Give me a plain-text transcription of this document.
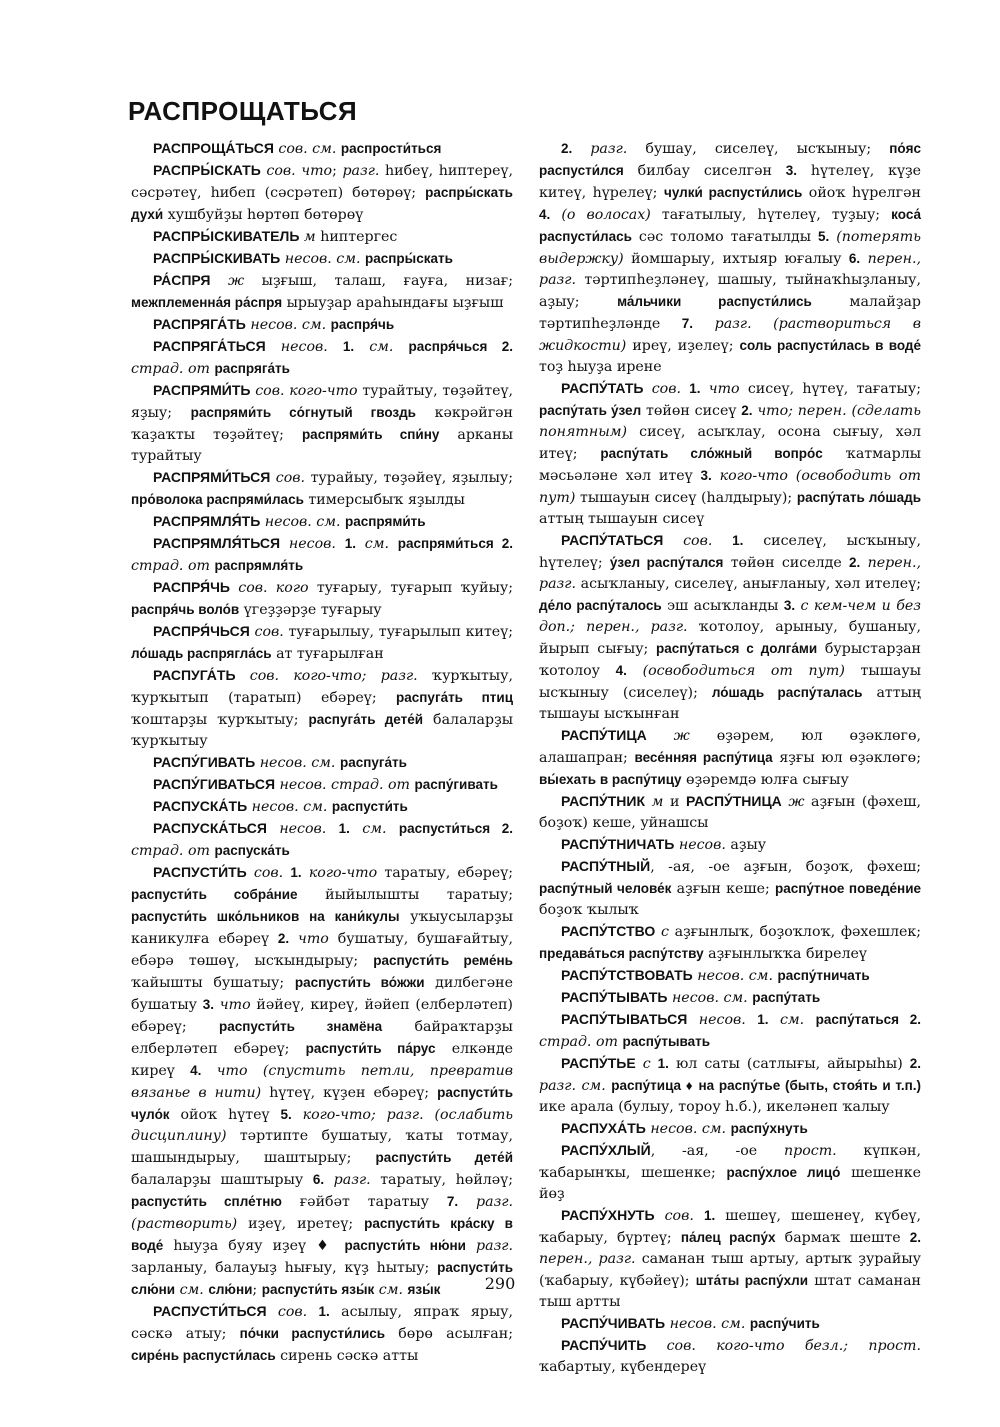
РАСПРОЩАТЬСЯ

РАСПРОЩА́ТЬСЯ сов. см. распрости́ться

РАСПРЫ́СКАТЬ сов. что; разг. һибеү, һиптереү, сәсрәтеү, һибеп (сәсрәтеп) бөтөрөү; распры́скать духи́ хушбуйҙы һөртөп бөтөрөү

РАСПРЫ́СКИВАТЕЛЬ м һиптергес

РАСПРЫ́СКИВАТЬ несов. см. распры́скать

РА́СПРЯ ж ыҙғыш, талаш, ғауға, низағ; межплеменна́я ра́спря ырыуҙар араһындағы ыҙғыш

РАСПРЯГА́ТЬ несов. см. распря́чь

РАСПРЯГА́ТЬСЯ несов. 1. см. распря́чься 2. страд. от распряга́ть

РАСПРЯМИ́ТЬ сов. кого-что турайтыу, төҙәйтеү, яҙыу; распрями́ть со́гнутый гвоздь кәкрәйгән ҡаҙаҡты төҙәйтеү; распрями́ть спи́ну арканы турайтыу

РАСПРЯМИ́ТЬСЯ сов. турайыу, төҙәйеү, яҙылыу; про́волока распрями́лась тимерсыбыҡ яҙылды

РАСПРЯМЛЯ́ТЬ несов. см. распрями́ть

РАСПРЯМЛЯ́ТЬСЯ несов. 1. см. распрями́ться 2. страд. от распрямля́ть

РАСПРЯ́ЧЬ сов. кого туғарыу, туғарып ҡуйыу; распря́чь воло́в үгеҙҙәрҙе туғарыу

РАСПРЯ́ЧЬСЯ сов. туғарылыу, туғарылып китеү; ло́шадь распрягла́сь ат туғарылған

РАСПУГА́ТЬ сов. кого-что; разг. ҡурҡытыу, ҡурҡытып (таратып) ебәреү; распуга́ть птиц ҡоштарҙы ҡурҡытыу; распуга́ть дете́й балаларҙы ҡурҡытыу

РАСПУ́ГИВАТЬ несов. см. распуга́ть

РАСПУ́ГИВАТЬСЯ несов. страд. от распу́гивать

РАСПУСКА́ТЬ несов. см. распусти́ть

РАСПУСКА́ТЬСЯ несов. 1. см. распусти́ться 2. страд. от распуска́ть

РАСПУСТИ́ТЬ сов. 1. кого-что таратыу, ебәреү; распусти́ть собра́ние йыйылышты таратыу; распусти́ть шко́льников на кани́кулы уҡыусыларҙы каникулға ебәреү 2. что бушатыу, бушағайтыу, ебәрә төшөү, ысҡындырыу; распусти́ть реме́нь ҡайышты бушатыу; распусти́ть во́жжи дилбегәне бушатыу 3. что йәйеү, кирeү, йәйеп (елберләтеп) ебәреү; распусти́ть знамёна байраҡтарҙы елберләтеп ебәреү; распусти́ть па́рус елкәнде киреү 4. что (спустить петли, превратив вязанье в нити) һүтеү, күҙен ебәреү; распусти́ть чуло́к ойоҡ һүтеү 5. кого-что; разг. (ослабить дисциплину) тәртипте бушатыу, ҡаты тотмау, шашындырыу, шаштырыу; распусти́ть дете́й балаларҙы шаштырыу 6. разг. таратыу, һөйләү; распусти́ть спле́тню ғәйбәт таратыу 7. разг. (растворить) иҙеү, иретеү; распусти́ть кра́ску в воде́ һыуҙа буяу иҙеү ♦ распусти́ть ню́ни разг. зарланыу, балауыҙ һығыу, күҙ һытыу; распусти́ть слю́ни см. слю́ни; распусти́ть язы́к см. язы́к

РАСПУСТИ́ТЬСЯ сов. 1. асылыу, япраҡ ярыу, сәскә атыу; по́чки распусти́лись бөрө асылған; сире́нь распусти́лась сирень сәскә атты

2. разг. бушау, сиселеү, ысҡыныу; по́яс распусти́лся билбау сиселгән 3. һүтелеү, күҙе китеү, һүрелеү; чулки́ распусти́лись ойоҡ һүрелгән 4. (о волосах) тағатылыу, һүтелеү, туҙыу; коса́ распусти́лась сәс толомо тағатылды 5. (потерять выдержку) йомшарыу, ихтыяр юғалыу 6. перен., разг. тәртипһеҙләнеү, шашыу, тыйнаҡһыҙланыу, аҙыу; ма́льчики распусти́лись малайҙар тәртипһеҙләнде 7. разг. (раствориться в жидкости) иреү, иҙелеү; соль распусти́лась в воде́ тоҙ һыуҙа ирене

РАСПУ́ТАТЬ сов. 1. что сисеү, һүтеү, тағатыу; распу́тать у́зел төйөн сисеү 2. что; перен. (сделать понятным) сисеү, асыҡлау, осона сығыу, хәл итеү; распу́тать сло́жный вопро́с ҡатмарлы мәсьәләне хәл итеү 3. кого-что (освободить от пут) тышауын сисеү (һалдырыу); распу́тать ло́шадь аттың тышауын сисеү

РАСПУ́ТАТЬСЯ сов. 1. сиселеү, ысҡыныу, һүтелеү; у́зел распу́тался төйөн сиселде 2. перен., разг. асыҡланыу, сиселеү, анығланыу, хәл ителеү; де́ло распу́талось эш асыҡланды 3. с кем-чем и без доп.; перен., разг. ҡотолоу, арыныу, бушаныу, йырып сығыу; распу́таться с долга́ми бурыстарҙан ҡотолоу 4. (освободиться от пут) тышауы ысҡыныу (сиселеү); ло́шадь распу́талась аттың тышауы ысҡынған

РАСПУ́ТИЦА ж өҙәрем, юл өҙәклөгө, алашапран; весе́нняя распу́тица яҙғы юл өҙәклөгө; вы́ехать в распу́тицу өҙәремдә юлға сығыу

РАСПУ́ТНИК м и РАСПУ́ТНИЦА ж аҙғын (фәхеш, боҙоҡ) кеше, уйнашсы

РАСПУ́ТНИЧАТЬ несов. аҙыу

РАСПУ́ТНЫЙ, -ая, -ое аҙғын, боҙоҡ, фәхеш; распу́тный челове́к аҙғын кеше; распу́тное поведе́ние боҙоҡ ҡылыҡ

РАСПУ́ТСТВО с аҙғынлыҡ, боҙоҡлоҡ, фәхешлек; предава́ться распу́тству аҙғынлыҡҡа бирелеү

РАСПУ́ТСТВОВАТЬ несов. см. распу́тничать

РАСПУ́ТЫВАТЬ несов. см. распу́тать

РАСПУ́ТЫВАТЬСЯ несов. 1. см. распу́таться 2. страд. от распу́тывать

РАСПУ́ТЬЕ с 1. юл саты (сатлығы, айырыһы) 2. разг. см. распу́тица ♦ на распу́тье (быть, стоя́ть и т.п.) ике арала (булыу, тороу һ.б.), икеләнеп ҡалыу

РАСПУХА́ТЬ несов. см. распу́хнуть

РАСПУ́ХЛЫЙ, -ая, -ое прост. күпкән, ҡабарынҡы, шешенке; распу́хлое лицо́ шешенке йөҙ

РАСПУ́ХНУТЬ сов. 1. шешеү, шешенеү, күбеү, ҡабарыу, бүртеү; па́лец распу́х бармаҡ шеште 2. перен., разг. саманан тыш артыу, артыҡ ҙурайыу (ҡабарыу, күбәйеү); шта́ты распу́хли штат саманан тыш артты

РАСПУ́ЧИВАТЬ несов. см. распу́чить

РАСПУ́ЧИТЬ сов. кого-что безл.; прост. ҡабартыу, күбендереү

290
